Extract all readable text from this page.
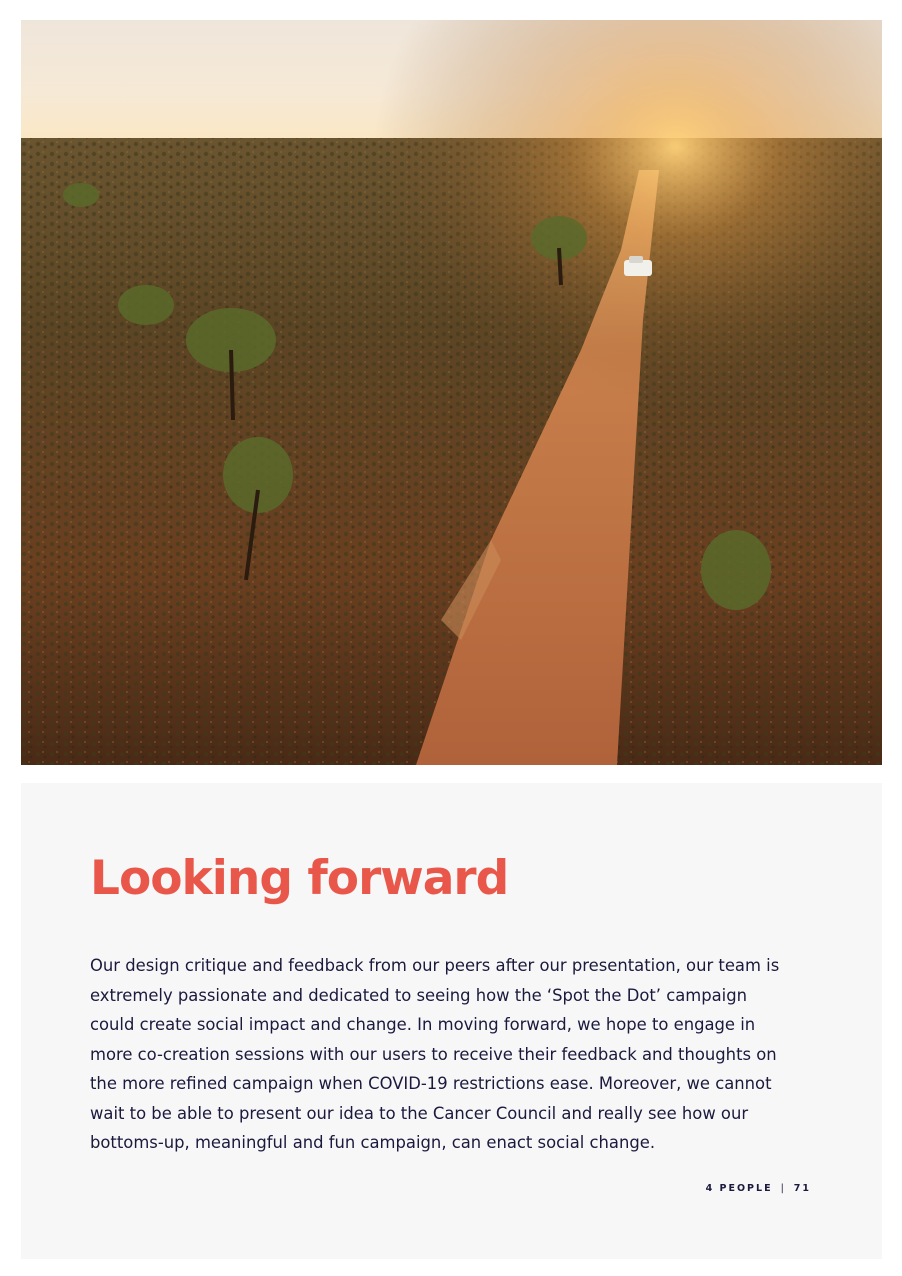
Looking forward

Our design critique and feedback from our peers after our presentation, our team is extremely passionate and dedicated to seeing how the ‘Spot the Dot’ campaign could create social impact and change. In moving forward, we hope to engage in more co-creation sessions with our users to receive their feedback and thoughts on the more refined campaign when COVID-19 restrictions ease. Moreover, we cannot wait to be able to present our idea to the Cancer Council and really see how our bottoms-up, meaningful and fun campaign, can enact social change.

4 PEOPLE | 71
